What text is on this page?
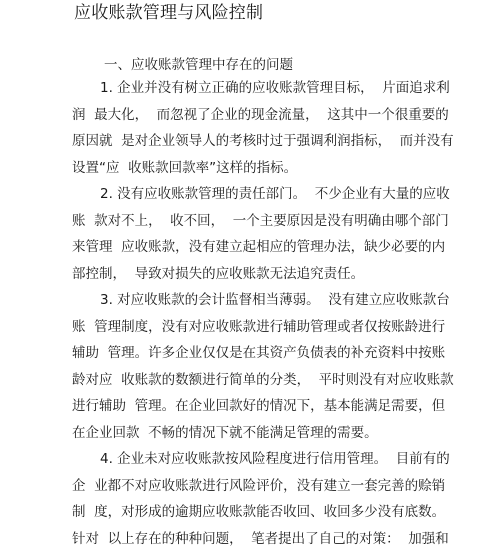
应收账款管理与风险控制
一、应收账款管理中存在的问题
1. 企业并没有树立正确的应收账款管理目标，  片面追求利
润  最大化，  而忽视了企业的现金流量，  这其中一个很重要的
原因就  是对企业领导人的考核时过于强调利润指标，  而并没有
设置“应  收账款回款率”这样的指标。
2. 没有应收账款管理的责任部门。  不少企业有大量的应收
账  款对不上，  收不回，  一个主要原因是没有明确由哪个部门
来管理  应收账款，没有建立起相应的管理办法，缺少必要的内
部控制，  导致对损失的应收账款无法追究责任。
3. 对应收账款的会计监督相当薄弱。  没有建立应收账款台
账  管理制度，没有对应收账款进行辅助管理或者仅按账龄进行
辅助  管理。许多企业仅仅是在其资产负债表的补充资料中按账
龄对应  收账款的数额进行简单的分类，  平时则没有对应收账款
进行辅助  管理。在企业回款好的情况下，基本能满足需要，但
在企业回款  不畅的情况下就不能满足管理的需要。
4. 企业未对应收账款按风险程度进行信用管理。  目前有的
企  业都不对应收账款进行风险评价，没有建立一套完善的赊销
制  度，对形成的逾期应收账款能否收回、收回多少没有底数。
针对  以上存在的种种问题，  笔者提出了自己的对策：  加强和
